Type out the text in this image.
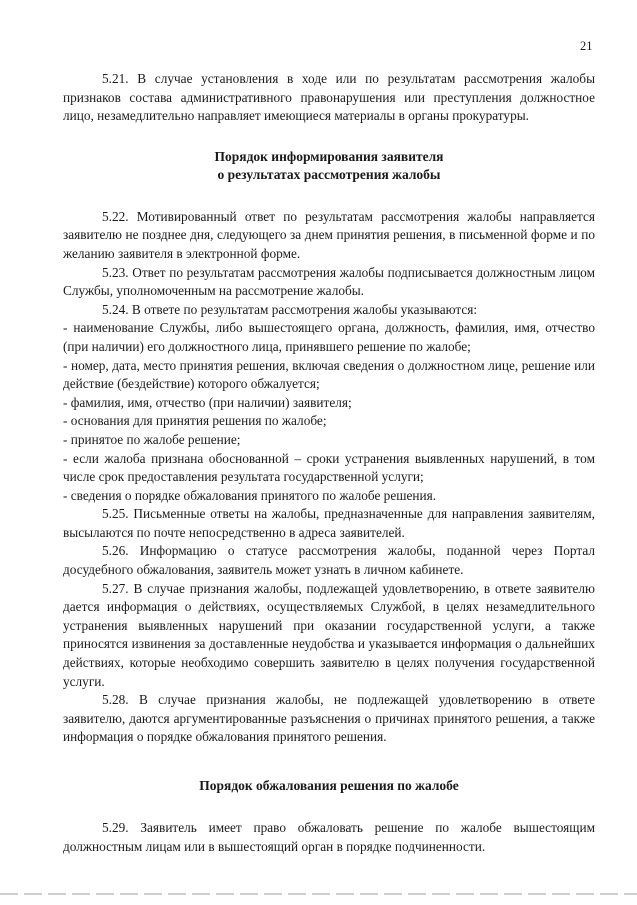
21

5.21. В случае установления в ходе или по результатам рассмотрения жалобы признаков состава административного правонарушения или преступления должностное лицо, незамедлительно направляет имеющиеся материалы в органы прокуратуры.

Порядок информирования заявителя

о результатах рассмотрения жалобы

5.22. Мотивированный ответ по результатам рассмотрения жалобы направляется заявителю не позднее дня, следующего за днем принятия решения, в письменной форме и по желанию заявителя в электронной форме.

5.23. Ответ по результатам рассмотрения жалобы подписывается должностным лицом Службы, уполномоченным на рассмотрение жалобы.

5.24. В ответе по результатам рассмотрения жалобы указываются:

- наименование Службы, либо вышестоящего органа, должность, фамилия, имя, отчество (при наличии) его должностного лица, принявшего решение по жалобе;

- номер, дата, место принятия решения, включая сведения о должностном лице, решение или действие (бездействие) которого обжалуется;

- фамилия, имя, отчество (при наличии) заявителя;

- основания для принятия решения по жалобе;

- принятое по жалобе решение;

- если жалоба признана обоснованной – сроки устранения выявленных нарушений, в том числе срок предоставления результата государственной услуги;

- сведения о порядке обжалования принятого по жалобе решения.

5.25. Письменные ответы на жалобы, предназначенные для направления заявителям, высылаются по почте непосредственно в адреса заявителей.

5.26. Информацию о статусе рассмотрения жалобы, поданной через Портал досудебного обжалования, заявитель может узнать в личном кабинете.

5.27. В случае признания жалобы, подлежащей удовлетворению, в ответе заявителю дается информация о действиях, осуществляемых Службой, в целях незамедлительного устранения выявленных нарушений при оказании государственной услуги, а также приносятся извинения за доставленные неудобства и указывается информация о дальнейших действиях, которые необходимо совершить заявителю в целях получения государственной услуги.

5.28. В случае признания жалобы, не подлежащей удовлетворению в ответе заявителю, даются аргументированные разъяснения о причинах принятого решения, а также информация о порядке обжалования принятого решения.

Порядок обжалования решения по жалобе

5.29. Заявитель имеет право обжаловать решение по жалобе вышестоящим должностным лицам или в вышестоящий орган в порядке подчиненности.
